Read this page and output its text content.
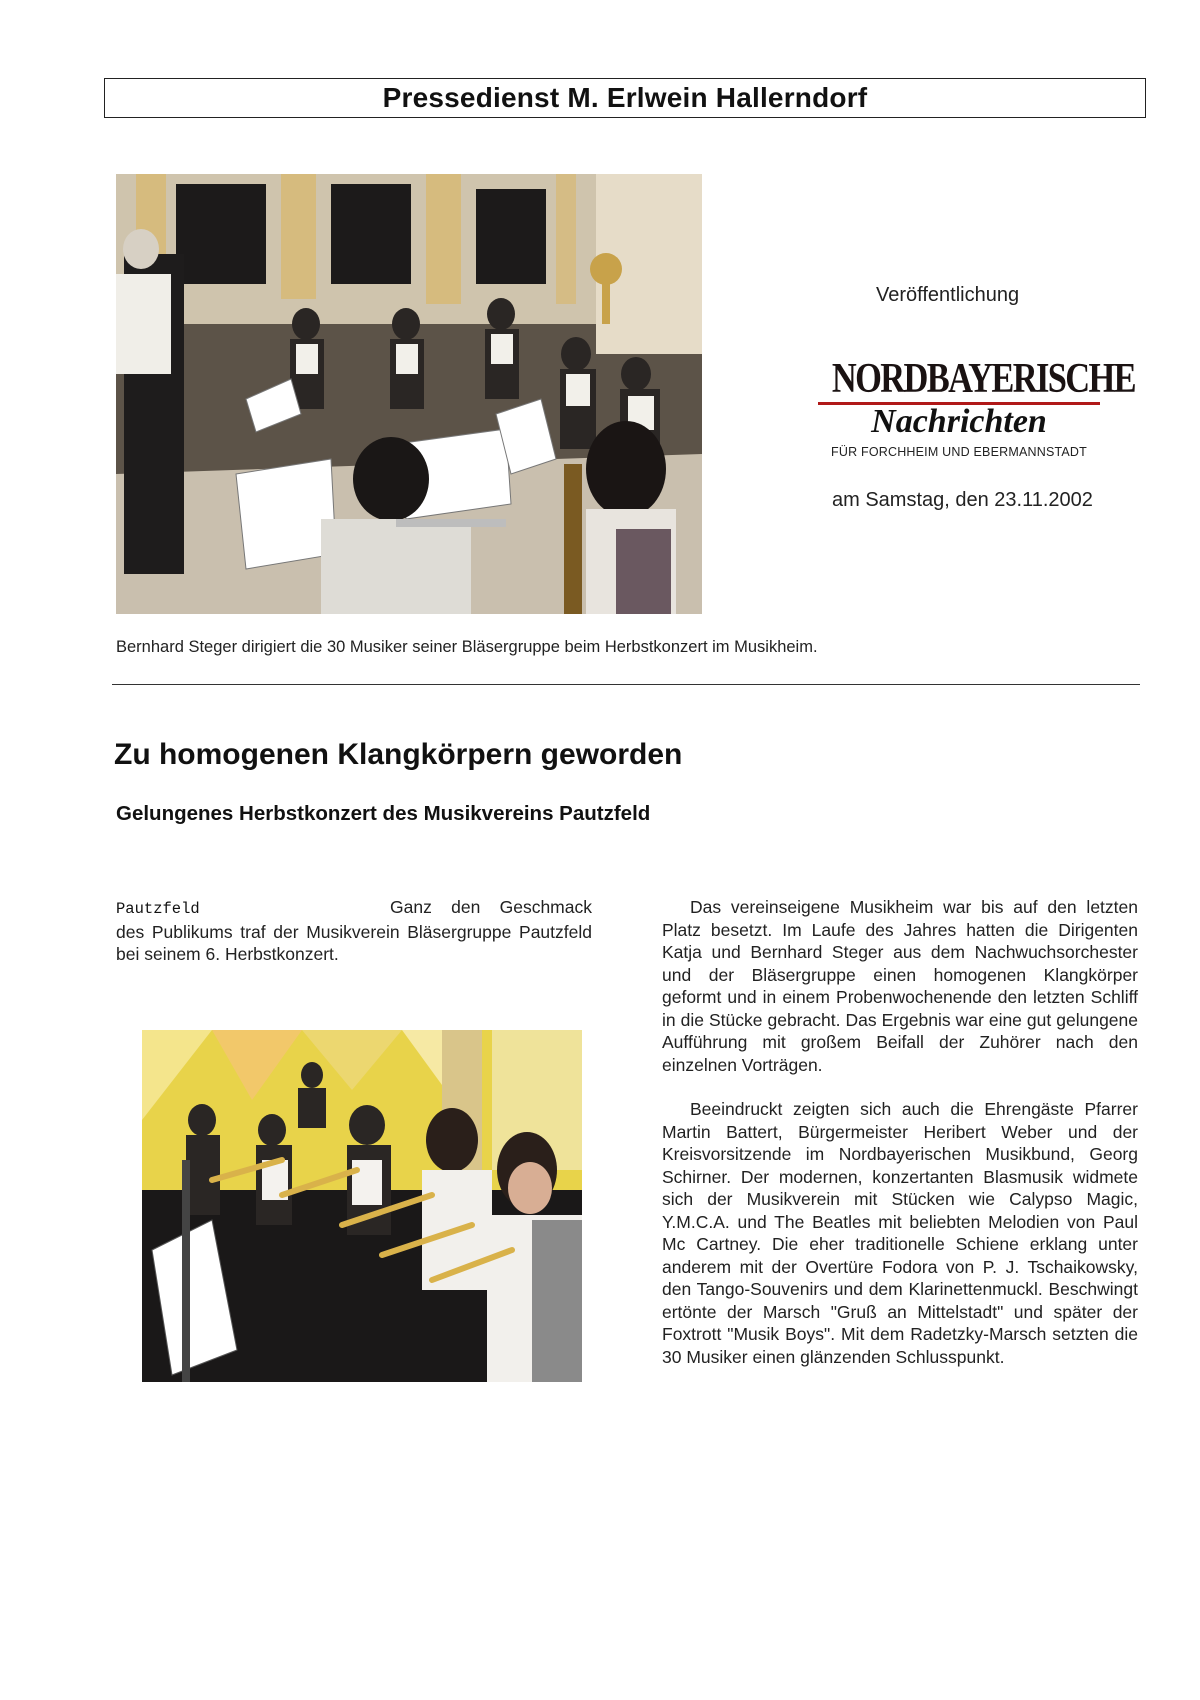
Pressedienst M. Erlwein Hallerndorf
Veröffentlichung
NORDBAYERISCHE
Nachrichten
FÜR FORCHHEIM UND EBERMANNSTADT
am Samstag, den 23.11.2002
Bernhard Steger dirigiert die 30 Musiker seiner Bläsergruppe beim Herbstkonzert im Musikheim.
Zu homogenen Klangkörpern geworden
Gelungenes Herbstkonzert des Musikvereins Pautzfeld
Pautzfeld	Ganz den Geschmack des Publikums traf der Musikverein Bläsergruppe Pautzfeld bei seinem 6. Herbstkonzert.

Das vereinseigene Musikheim war bis auf den letzten Platz besetzt. Im Laufe des Jahres hatten die Dirigenten Katja und Bernhard Steger aus dem Nachwuchsorchester und der Bläsergruppe einen homogenen Klangkörper geformt und in einem Probenwochenende den letzten Schliff in die Stücke gebracht. Das Ergebnis war eine gut gelungene Aufführung mit großem Beifall der Zuhörer nach den einzelnen Vorträgen.

Beeindruckt zeigten sich auch die Ehrengäste Pfarrer Martin Battert, Bürgermeister Heribert Weber und der Kreisvorsitzende im Nordbayerischen Musikbund, Georg Schirner. Der modernen, konzertanten Blasmusik widmete sich der Musikverein mit Stücken wie Calypso Magic, Y.M.C.A. und The Beatles mit beliebten Melodien von Paul Mc Cartney. Die eher traditionelle Schiene erklang unter anderem mit der Overtüre Fodora von P. J. Tschaikowsky, den Tango-Souvenirs und dem Klarinettenmuckl. Beschwingt ertönte der Marsch "Gruß an Mittelstadt" und später der Foxtrott "Musik Boys". Mit dem Radetzky-Marsch setzten die 30 Musiker einen glänzenden Schlusspunkt.
